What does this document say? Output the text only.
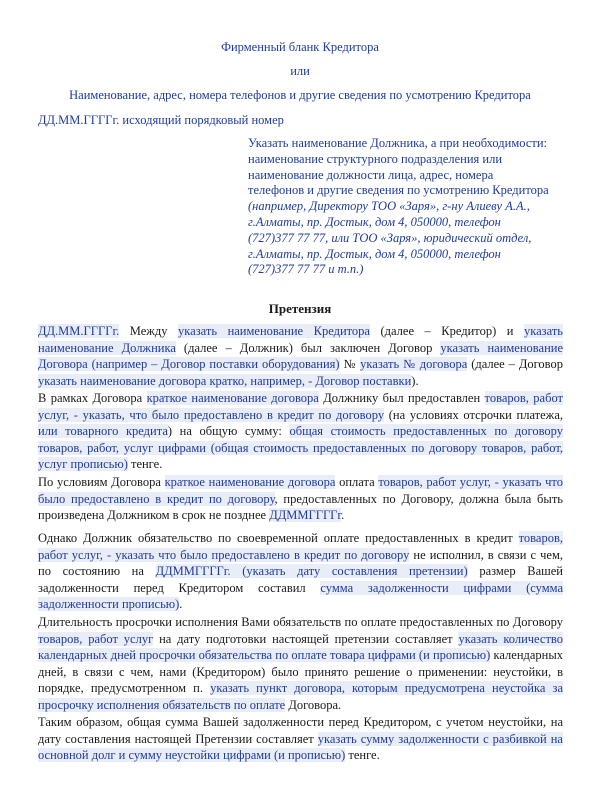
Фирменный бланк Кредитора
или
Наименование, адрес, номера телефонов и другие сведения по усмотрению Кредитора
ДД.ММ.ГГГГг. исходящий порядковый номер
Указать наименование Должника, а при необходимости:
наименование структурного подразделения или
наименование должности лица, адрес, номера
телефонов и другие сведения по усмотрению Кредитора
(например, Директору ТОО «Заря», г-ну Алиеву А.А.,
г.Алматы, пр. Достык, дом 4, 050000, телефон
(727)377 77 77, или ТОО «Заря», юридический отдел,
г.Алматы, пр. Достык, дом 4, 050000, телефон
(727)377 77 77 и т.п.)
Претензия
ДД.ММ.ГГГГг. Между указать наименование Кредитора (далее – Кредитор) и указать наименование Должника (далее – Должник) был заключен Договор указать наименование Договора (например – Договор поставки оборудования) № указать № договора (далее – Договор указать наименование договора кратко, например, - Договор поставки).
В рамках Договора краткое наименование договора Должнику был предоставлен товаров, работ услуг, - указать, что было предоставлено в кредит по договору (на условиях отсрочки платежа, или товарного кредита) на общую сумму: общая стоимость предоставленных по договору товаров, работ, услуг цифрами (общая стоимость предоставленных по договору товаров, работ, услуг прописью) тенге.
По условиям Договора краткое наименование договора оплата товаров, работ услуг, - указать что было предоставлено в кредит по договору, предоставленных по Договору, должна была быть произведена Должником в срок не позднее ДДММГГГГг.
Однако Должник обязательство по своевременной оплате предоставленных в кредит товаров, работ услуг, - указать что было предоставлено в кредит по договору не исполнил, в связи с чем, по состоянию на ДДММГГГГг. (указать дату составления претензии) размер Вашей задолженности перед Кредитором составил сумма задолженности цифрами (сумма задолженности прописью).
Длительность просрочки исполнения Вами обязательств по оплате предоставленных по Договору товаров, работ услуг на дату подготовки настоящей претензии составляет указать количество календарных дней просрочки обязательства по оплате товара цифрами (и прописью) календарных дней, в связи с чем, нами (Кредитором) было принято решение о применении: неустойки, в порядке, предусмотренном п. указать пункт договора, которым предусмотрена неустойка за просрочку исполнения обязательств по оплате Договора.
Таким образом, общая сумма Вашей задолженности перед Кредитором, с учетом неустойки, на дату составления настоящей Претензии составляет указать сумму задолженности с разбивкой на основной долг и сумму неустойки цифрами (и прописью) тенге.
